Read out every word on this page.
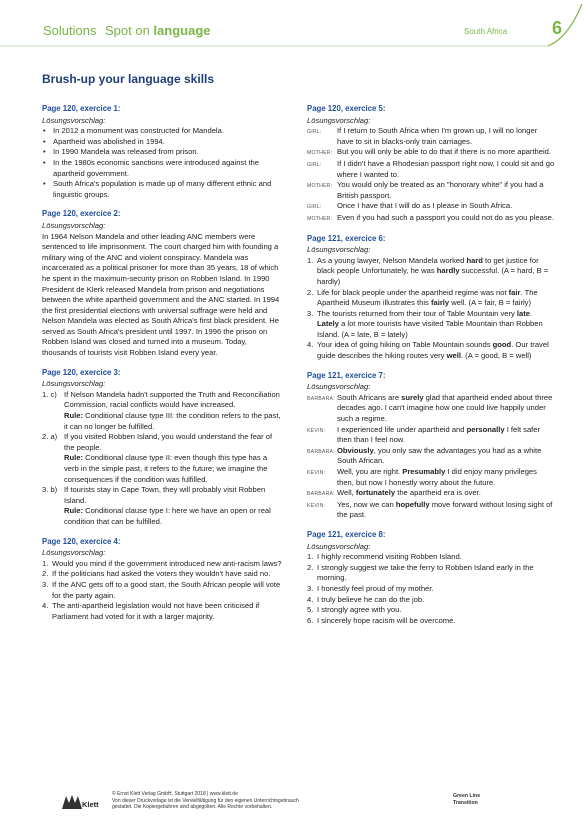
Solutions Spot on language	South Africa 6
Brush-up your language skills
Page 120, exercice 1:
Lösungsvorschlag:
• In 2012 a monument was constructed for Mandela.
• Apartheid was abolished in 1994.
• In 1990 Mandela was released from prison.
• In the 1980s economic sanctions were introduced against the apartheid government.
• South Africa's population is made up of many different ethnic and linguistic groups.
Page 120, exercice 2:
Lösungsvorschlag:
In 1964 Nelson Mandela and other leading ANC members were sentenced to life imprisonment. The court charged him with founding a military wing of the ANC and violent conspiracy. Mandela was incarcerated as a political prisoner for more than 35 years, 18 of which he spent in the maximum-security prison on Robben Island. In 1990 President de Klerk released Mandela from prison and negotiations between the white apartheid government and the ANC started. In 1994 the first presidential elections with universal suffrage were held and Nelson Mandela was elected as South Africa's first black president. He served as South Africa's president until 1997. In 1996 the prison on Robben Island was closed and turned into a museum. Today, thousands of tourists visit Robben Island every year.
Page 120, exercice 3:
Lösungsvorschlag:
1. c) If Nelson Mandela hadn't supported the Truth and Reconciliation Commission, racial conflicts would have increased.
Rule: Conditional clause type III: the condition refers to the past, it can no longer be fulfilled.
2. a) If you visited Robben Island, you would understand the fear of the people.
Rule: Conditional clause type II: even though this type has a verb in the simple past, it refers to the future; we imagine the consequences if the condition was fulfilled.
3. b) If tourists stay in Cape Town, they will probably visit Robben Island.
Rule: Conditional clause type I: here we have an open or real condition that can be fulfilled.
Page 120, exercice 4:
Lösungsvorschlag:
1. Would you mind if the government introduced new anti-racism laws?
2. If the politicians had asked the voters they wouldn't have said no.
3. If the ANC gets off to a good start, the South African people will vote for the party again.
4. The anti-apartheid legislation would not have been criticised if Parliament had voted for it with a larger majority.
Page 120, exercice 5:
Lösungsvorschlag:
GIRL:	If I return to South Africa when I'm grown up, I will no longer have to sit in blacks-only train carriages.
MOTHER: But you will only be able to do that if there is no more apartheid.
GIRL:	If I didn't have a Rhodesian passport right now, I could sit and go where I wanted to.
MOTHER: You would only be treated as an "honorary white" if you had a British passport.
GIRL:	Once I have that I will do as I please in South Africa.
MOTHER: Even if you had such a passport you could not do as you please.
Page 121, exercice 6:
Lösungsvorschlag:
1. As a young lawyer, Nelson Mandela worked hard to get justice for black people Unfortunately, he was hardly successful. (A = hard, B = hardly)
2. Life for black people under the apartheid regime was not fair. The Apartheid Museum illustrates this fairly well. (A = fair, B = fairly)
3. The tourists returned from their tour of Table Mountain very late. Lately a lot more tourists have visited Table Mountain than Robben Island. (A = late, B = lately)
4. Your idea of going hiking on Table Mountain sounds good. Our travel guide describes the hiking routes very well. (A = good, B = well)
Page 121, exercice 7:
Lösungsvorschlag:
BARBARA: South Africans are surely glad that apartheid ended about three decades ago. I can't imagine how one could live happily under such a regime.
KEVIN:	I experienced life under apartheid and personally I felt safer then than I feel now.
BARBARA: Obviously, you only saw the advantages you had as a white South African.
KEVIN:	Well, you are right. Presumably I did enjoy many privileges then, but now I honestly worry about the future.
BARBARA: Well, fortunately the apartheid era is over.
KEVIN:	Yes, now we can hopefully move forward without losing sight of the past.
Page 121, exercice 8:
Lösungsvorschlag:
1. I highly recommend visiting Robben Island.
2. I strongly suggest we take the ferry to Robben Island early in the morning.
3. I honestly feel proud of my mother.
4. I truly believe he can do the job.
5. I strongly agree with you.
6. I sincerely hope racism will be overcome.
Klett
© Ernst Klett Verlag GmbH, Stuttgart 2018 | www.klett.de
Von dieser Druckvorlage ist die Vervielfältigung für den eigenen Unterrichtsgebrauch
gestattet. Die Kopiergebühren sind abgegolten. Alle Rechte vorbehalten.
Green Line
Transition
